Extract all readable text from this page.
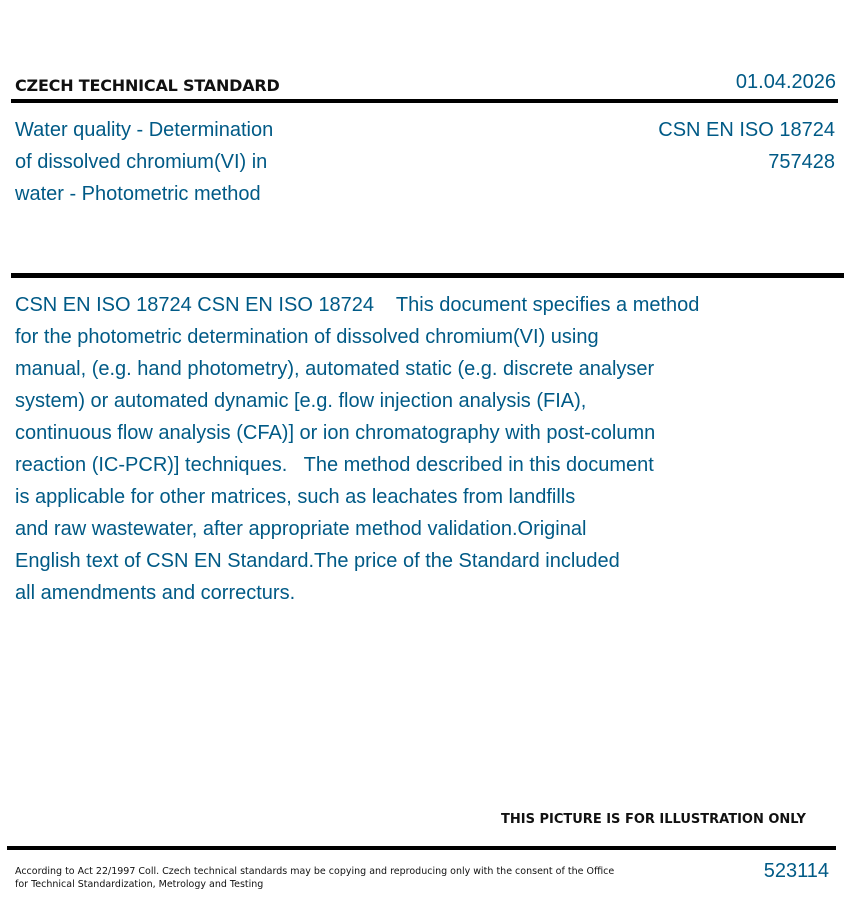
CZECH TECHNICAL STANDARD	01.04.2026
Water quality - Determination
of dissolved chromium(VI) in
water - Photometric method
CSN EN ISO 18724
757428
CSN EN ISO 18724 CSN EN ISO 18724    This document specifies a method
for the photometric determination of dissolved chromium(VI) using
manual, (e.g. hand photometry), automated static (e.g. discrete analyser
system) or automated dynamic [e.g. flow injection analysis (FIA),
continuous flow analysis (CFA)] or ion chromatography with post-column
reaction (IC-PCR)] techniques.   The method described in this document
is applicable for other matrices, such as leachates from landfills
and raw wastewater, after appropriate method validation.Original
English text of CSN EN Standard.The price of the Standard included
all amendments and correcturs.
THIS PICTURE IS FOR ILLUSTRATION ONLY
According to Act 22/1997 Coll. Czech technical standards may be copying and reproducing only with the consent of the Office
for Technical Standardization, Metrology and Testing
523114
